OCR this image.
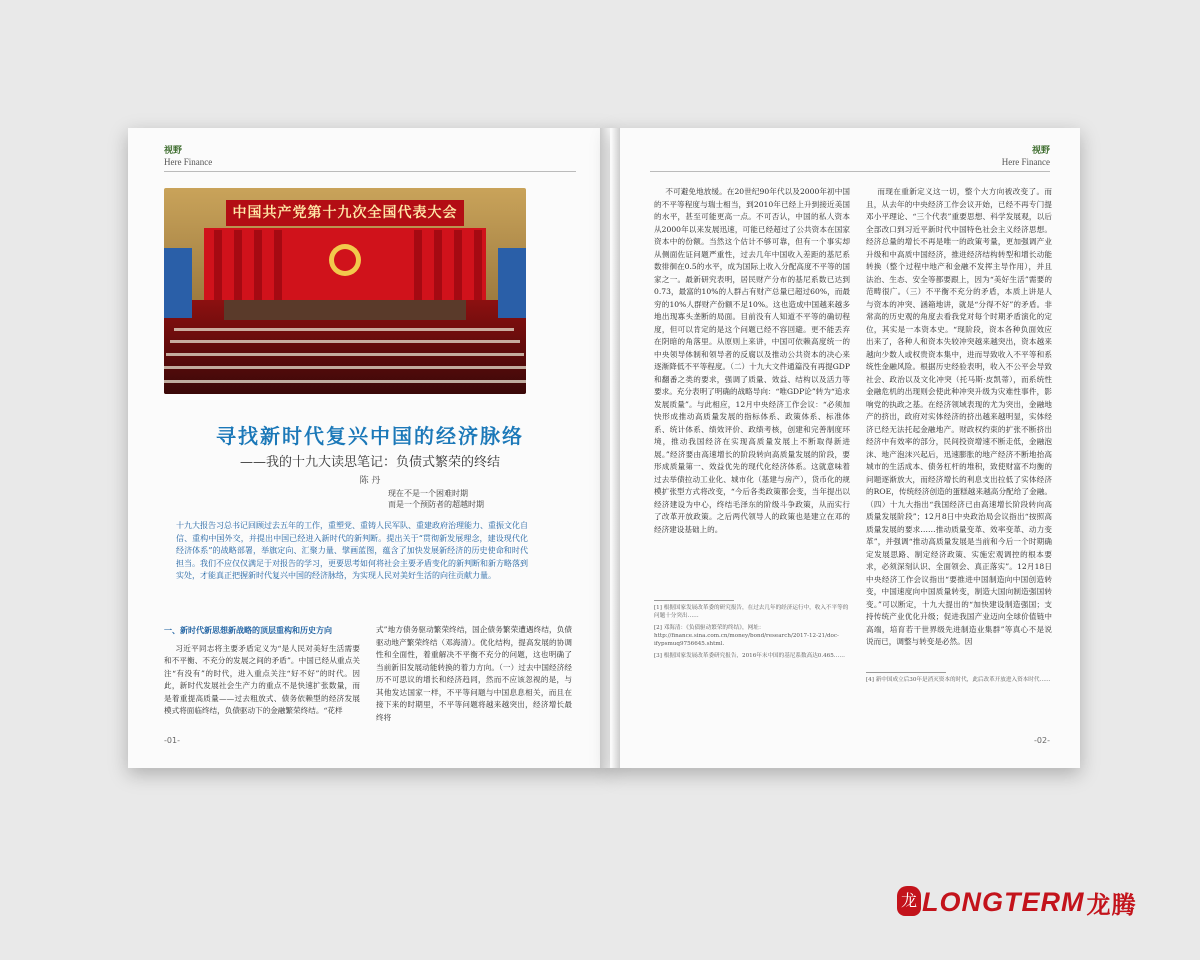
视野
Here Finance
中国共产党第十九次全国代表大会
寻找新时代复兴中国的经济脉络
——我的十九大读思笔记：负债式繁荣的终结
陈 丹
现在不是一个困难时期
而是一个预防者的超越时期
十九大报告习总书记回顾过去五年的工作，重塑党、重铸人民军队、重建政府治理能力、重振文化自信、重构中国外交，并提出中国已经进入新时代的新判断。提出关于“贯彻新发展理念，建设现代化经济体系”的战略部署，举旗定向、汇聚力量、擘画蓝图，蕴含了加快发展新经济的历史使命和时代担当。我们不应仅仅满足于对报告的学习，更要思考如何将社会主要矛盾变化的新判断和新方略落到实处，才能真正把握新时代复兴中国的经济脉络，为实现人民对美好生活的向往贡献力量。
一、新时代新思想新战略的顶层重构和历史方向
习近平同志将主要矛盾定义为“是人民对美好生活需要和不平衡、不充分的发展之间的矛盾”。中国已经从重点关注“有没有”的时代，进入重点关注“好不好”的时代。因此，新时代发展社会生产力的重点不是快速扩张数量，而是着重提高质量——过去粗放式、债务依赖型的经济发展模式将面临终结，负债驱动下的金融繁荣终结。“花样
式”地方债务驱动繁荣终结，国企债务繁荣遭遇终结，负债驱动地产繁荣终结（邓海清）。优化结构，提高发展的协调性和全面性，着重解决不平衡不充分的问题，这也明确了当前新旧发展动能转换的着力方向。（一）过去中国经济经历不可思议的增长和经济趋同，然而不应该忽视的是，与其他发达国家一样，不平等问题与中国息息相关，而且在接下来的时期里，不平等问题将越来越突出，经济增长最终将
-01-
视野
Here Finance
不可避免地放缓。在20世纪90年代以及2000年初中国的不平等程度与瑞士相当，到2010年已经上升到接近美国的水平，甚至可能更高一点。不可否认，中国的私人资本从2000年以来发展迅速，可能已经超过了公共资本在国家资本中的份额。当然这个估计不够可靠，但有一个事实却从侧面佐证问题严重性，过去几年中国收入差距的基尼系数徘徊在0.5的水平，成为国际上收入分配高度不平等的国家之一。最新研究表明，居民财产分布的基尼系数已达到0.73，最富的10%的人群占有财产总量已超过60%，而最穷的10%人群财产份额不足10%。这也造成中国越来越多地出现寡头垄断的局面。目前没有人知道不平等的确切程度，但可以肯定的是这个问题已经不容回避。更不能丢弃在阴暗的角落里。从原则上来讲，中国可依赖高度统一的中央领导体制和领导者的反腐以及推动公共资本的决心来逐渐降低不平等程度。（二）十九大文件通篇没有再提GDP和翻番之类的要求，强调了质量、效益、结构以及活力等要求。充分表明了明确的战略导向：“唯GDP论”转为“追求发展质量”。与此相应，12月中央经济工作会议：“必须加快形成推动高质量发展的指标体系、政策体系、标准体系、统计体系、绩效评价、政绩考核，创建和完善制度环境，推动我国经济在实现高质量发展上不断取得新进展。”经济要由高速增长的阶段转向高质量发展的阶段，要形成质量第一、效益优先的现代化经济体系。这就意味着过去举债拉动工业化、城市化（基建与房产），货币化的规模扩张型方式将改变，“今后各类政策都会变，当年提出以经济建设为中心，终结毛泽东的阶级斗争政策，从而实行了改革开放政策。之后两代领导人的政策也是建立在邓的经济建设基础上的。
而现在重新定义这一切，整个大方向被改变了。而且，从去年的中央经济工作会议开始，已经不再专门提邓小平理论、“三个代表”重要思想、科学发展观，以后全部改口到习近平新时代中国特色社会主义经济思想。经济总量的增长不再是唯一的政策考量，更加强调产业升级和中高质中国经济，推进经济结构转型和增长动能转换（整个过程中地产和金融不发挥主导作用），并且法治、生态、安全等都要跟上，因为“美好生活”需要的范畴很广。（三）不平衡不充分的矛盾，本质上讲是人与资本的冲突、涵箱地讲，就是“分得不好”的矛盾。非常高的历史观的角度去看我党对每个时期矛盾演化的定位，其实是一本资本史。“现阶段，资本各种负面效应出来了，各种人和资本失较冲突越来越突出，资本越来越向少数人或权贵资本集中，进而导致收入不平等和系统性金融风险。根据历史经验表明，收入不公平会导致社会、政治以及文化冲突（托马斯·皮凯蒂），而系统性金融危机的出现则会使此种冲突升级为灾难性事件，影响党的执政之基。在经济领域表现的尤为突出，金融地产的挤出，政府对实体经济的挤出越来越明显，实体经济已经无法托起金融地产。财政权约束的扩张不断挤出经济中有效率的部分，民间投资增速不断走低，金融泡沫、地产泡沫兴起后，迅速膨胀的地产经济不断地抬高城市的生活成本、债务杠杆的堆积，致使财富不均衡的问题逐渐放大，而经济增长的利息支出拉低了实体经济的ROE，传统经济创造的蛋糕越来越高分配给了金融。（四）十九大指出“我国经济已由高速增长阶段转向高质量发展阶段”；12月8日中央政治局会议指出“按照高质量发展的要求……推动质量变革、效率变革、动力变革”，并强调“推动高质量发展是当前和今后一个时期确定发展思路、制定经济政策、实施宏观调控的根本要求，必须深刻认识、全面领会、真正落实”。12月18日中央经济工作会议指出“要推进中国制造向中国创造转变，中国速度向中国质量转变，制造大国向制造强国转变。”可以断定，十九大提出的“加快建设制造强国；支持传统产业优化升级；促进我国产业迈向全球价值链中高端，培育若干世界级先进制造业集群”等真心不是说说而已，调整与转变是必然。因
[1] 根据国家发展改革委的研究报告，在过去几年的经济运行中，收入不平等的问题十分突出……
[2] 邓海清：《负债驱动繁荣的终结》，网址：http://finance.sina.com.cn/money/bond/research/2017-12-21/doc-ifypsmuq9756645.shtml.
[3] 根据国家发展改革委研究报告，2016年末中国的基尼系数高达0.465……
[4] 新中国成立后30年是消灭资本的时代，此后改革开放进入资本时代……
-02-
龙 LONGTERM 龙腾
